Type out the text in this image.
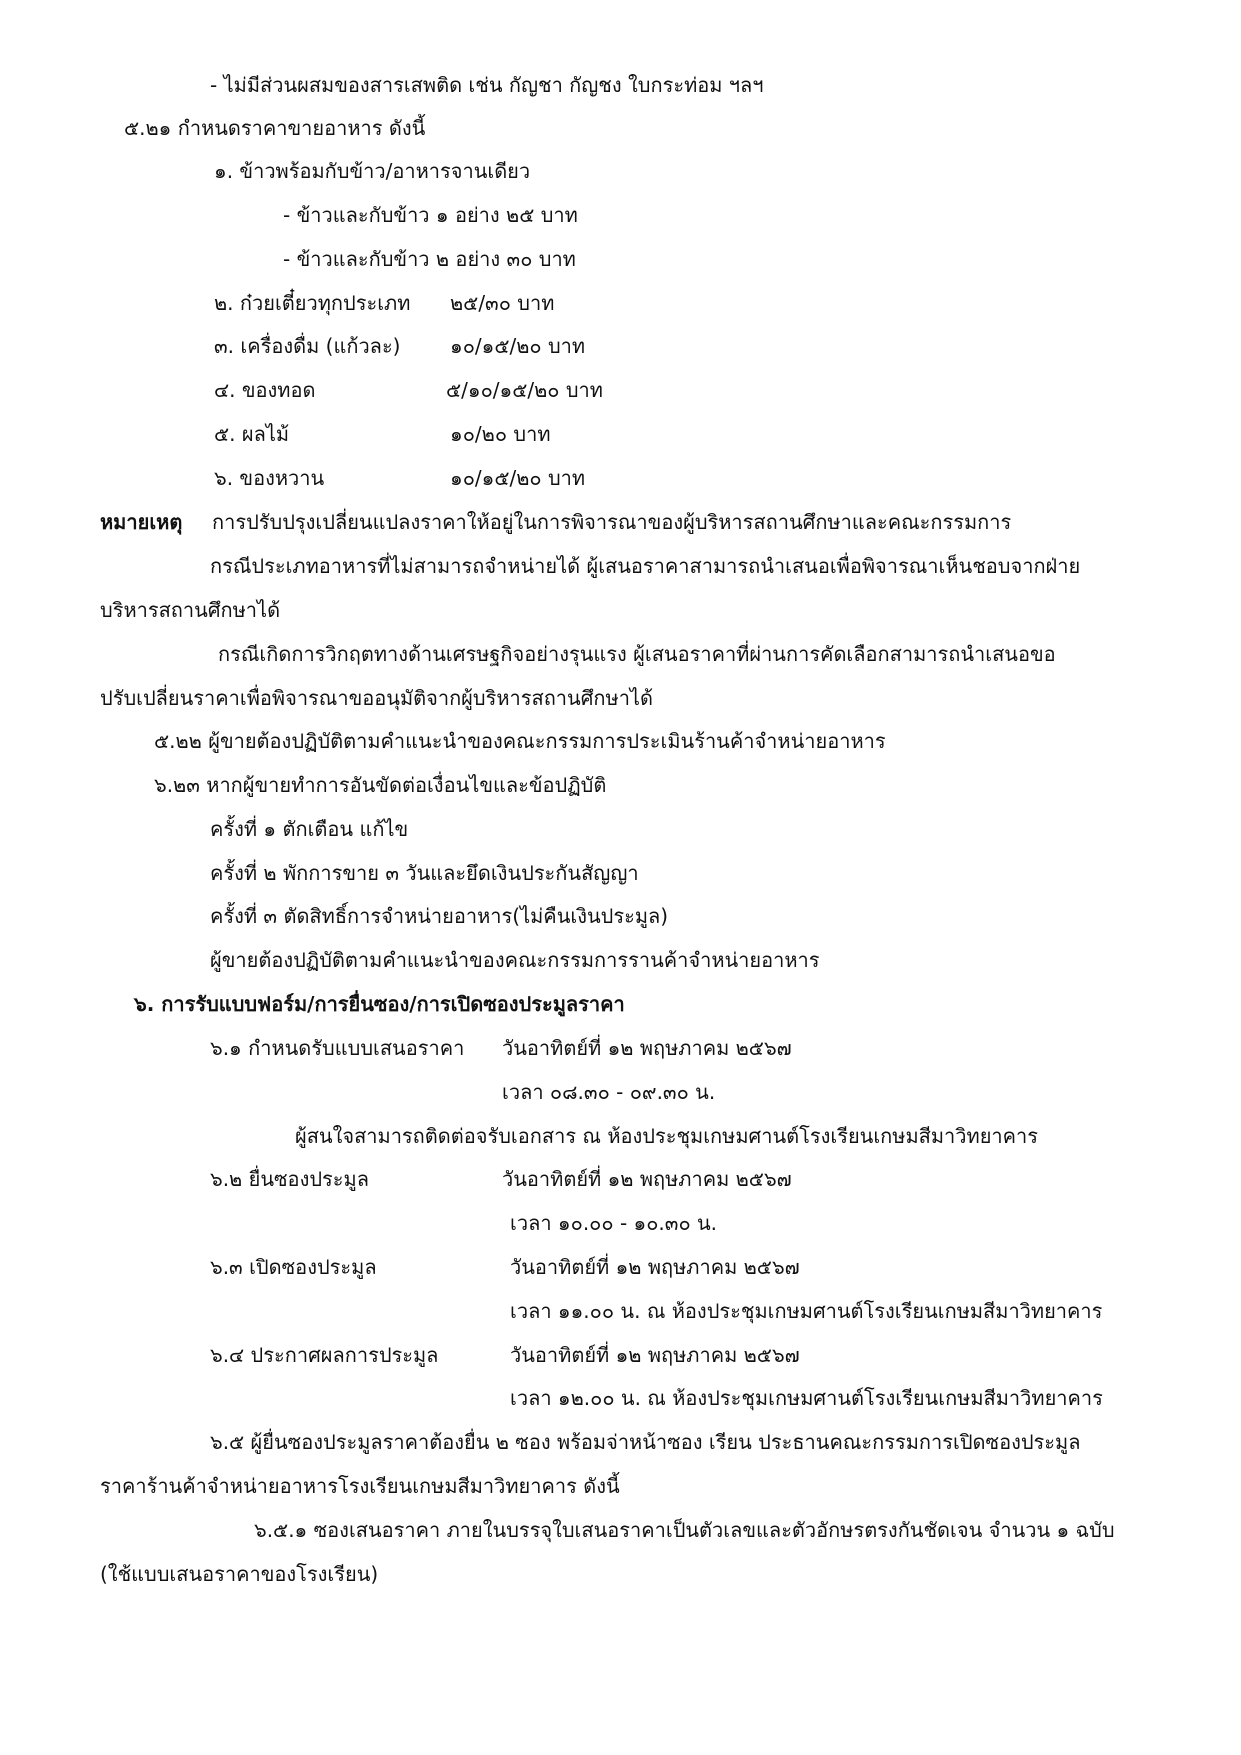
- ไม่มีส่วนผสมของสารเสพติด เช่น กัญชา กัญชง ใบกระท่อม ฯลฯ
๕.๒๑ กำหนดราคาขายอาหาร ดังนี้
๑. ข้าวพร้อมกับข้าว/อาหารจานเดียว
- ข้าวและกับข้าว ๑ อย่าง ๒๕ บาท
- ข้าวและกับข้าว ๒ อย่าง ๓๐ บาท
๒. ก๋วยเตี๋ยวทุกประเภท ๒๕/๓๐ บาท
๓. เครื่องดื่ม (แก้วละ) ๑๐/๑๕/๒๐ บาท
๔. ของทอด	๕/๑๐/๑๕/๒๐ บาท
๕. ผลไม้	๑๐/๒๐ บาท
๖. ของหวาน	๑๐/๑๕/๒๐ บาท
หมายเหตุ การปรับปรุงเปลี่ยนแปลงราคาให้อยู่ในการพิจารณาของผู้บริหารสถานศึกษาและคณะกรรมการ
กรณีประเภทอาหารที่ไม่สามารถจำหน่ายได้ ผู้เสนอราคาสามารถนำเสนอเพื่อพิจารณาเห็นชอบจากฝ่าย
บริหารสถานศึกษาได้
กรณีเกิดการวิกฤตทางด้านเศรษฐกิจอย่างรุนแรง ผู้เสนอราคาที่ผ่านการคัดเลือกสามารถนำเสนอขอ
ปรับเปลี่ยนราคาเพื่อพิจารณาขออนุมัติจากผู้บริหารสถานศึกษาได้
๕.๒๒ ผู้ขายต้องปฏิบัติตามคำแนะนำของคณะกรรมการประเมินร้านค้าจำหน่ายอาหาร
๖.๒๓ หากผู้ขายทำการอันขัดต่อเงื่อนไขและข้อปฏิบัติ
ครั้งที่ ๑ ตักเตือน แก้ไข
ครั้งที่ ๒ พักการขาย ๓ วันและยึดเงินประกันสัญญา
ครั้งที่ ๓ ตัดสิทธิ์การจำหน่ายอาหาร(ไม่คืนเงินประมูล)
ผู้ขายต้องปฏิบัติตามคำแนะนำของคณะกรรมการรานค้าจำหน่ายอาหาร
๖. การรับแบบฟอร์ม/การยื่นซอง/การเปิดซองประมูลราคา
๖.๑ กำหนดรับแบบเสนอราคา วันอาทิตย์ที่ ๑๒ พฤษภาคม ๒๕๖๗
เวลา ๐๘.๓๐ - ๐๙.๓๐ น.
ผู้สนใจสามารถติดต่อจรับเอกสาร ณ ห้องประชุมเกษมศานต์โรงเรียนเกษมสีมาวิทยาคาร
๖.๒ ยื่นซองประมูล	วันอาทิตย์ที่ ๑๒ พฤษภาคม ๒๕๖๗
เวลา ๑๐.๐๐ - ๑๐.๓๐ น.
๖.๓ เปิดซองประมูล	วันอาทิตย์ที่ ๑๒ พฤษภาคม ๒๕๖๗
เวลา ๑๑.๐๐ น. ณ ห้องประชุมเกษมศานต์โรงเรียนเกษมสีมาวิทยาคาร
๖.๔ ประกาศผลการประมูล	วันอาทิตย์ที่ ๑๒ พฤษภาคม ๒๕๖๗
เวลา ๑๒.๐๐ น. ณ ห้องประชุมเกษมศานต์โรงเรียนเกษมสีมาวิทยาคาร
๖.๕ ผู้ยื่นซองประมูลราคาต้องยื่น ๒ ซอง พร้อมจ่าหน้าซอง เรียน ประธานคณะกรรมการเปิดซองประมูล
ราคาร้านค้าจำหน่ายอาหารโรงเรียนเกษมสีมาวิทยาคาร ดังนี้
๖.๕.๑ ซองเสนอราคา ภายในบรรจุใบเสนอราคาเป็นตัวเลขและตัวอักษรตรงกันชัดเจน จำนวน ๑ ฉบับ
(ใช้แบบเสนอราคาของโรงเรียน)
